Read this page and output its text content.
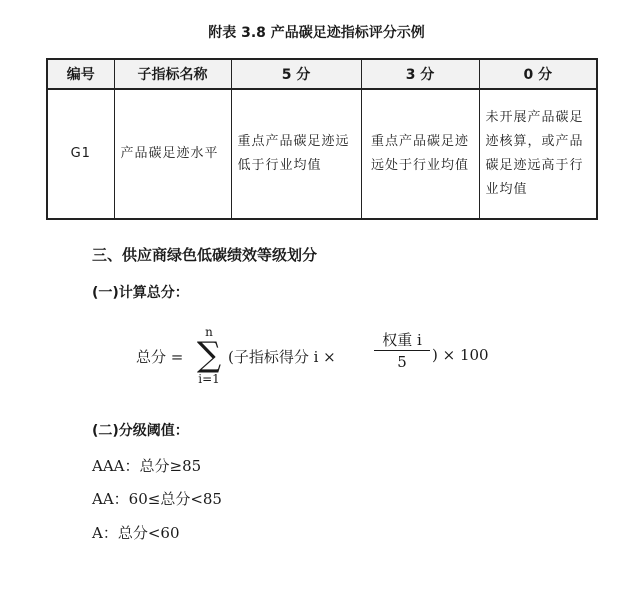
附表 3.8 产品碳足迹指标评分示例
编号	子指标名称	5 分	3 分	0 分
G1	产品碳足迹水平	重点产品碳足迹远低于行业均值	重点产品碳足迹远处于行业均值	未开展产品碳足迹核算，或产品碳足迹远高于行业均值
三、供应商绿色低碳绩效等级划分
(一)计算总分：
总分 =
n
∑
i=1
(子指标得分 i ×
权重 i
5	) × 100
(二)分级阈值：
AAA：总分≥85
AA：60≤总分<85
A：总分<60
